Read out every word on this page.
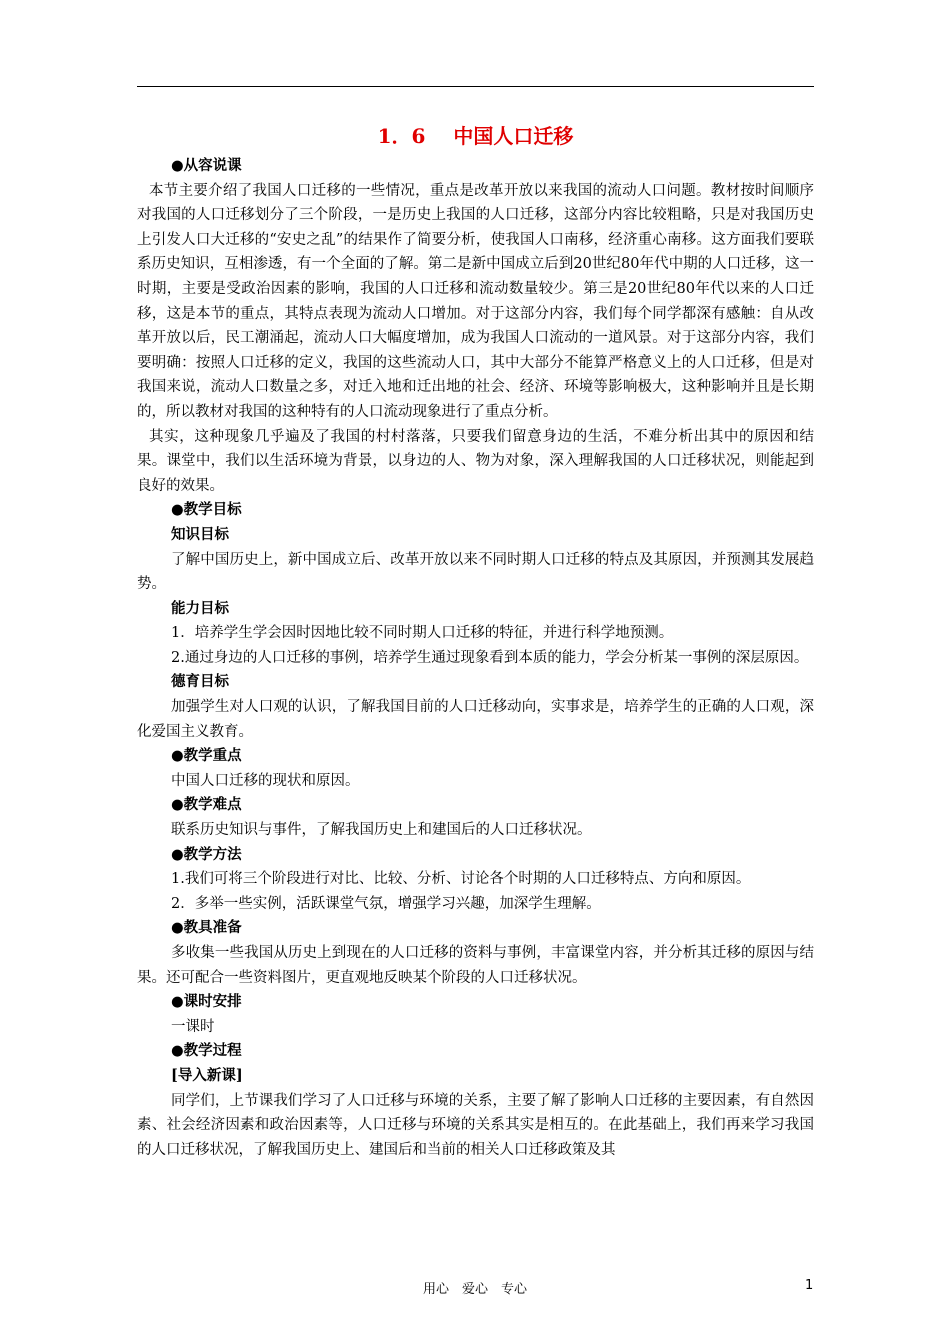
1．6 中国人口迁移

●从容说课

本节主要介绍了我国人口迁移的一些情况，重点是改革开放以来我国的流动人口问题。教材按时间顺序对我国的人口迁移划分了三个阶段，一是历史上我国的人口迁移，这部分内容比较粗略，只是对我国历史上引发人口大迁移的“安史之乱”的结果作了简要分析，使我国人口南移，经济重心南移。这方面我们要联系历史知识，互相渗透，有一个全面的了解。第二是新中国成立后到20世纪80年代中期的人口迁移，这一时期，主要是受政治因素的影响，我国的人口迁移和流动数量较少。第三是20世纪80年代以来的人口迁移，这是本节的重点，其特点表现为流动人口增加。对于这部分内容，我们每个同学都深有感触：自从改革开放以后，民工潮涌起，流动人口大幅度增加，成为我国人口流动的一道风景。对于这部分内容，我们要明确：按照人口迁移的定义，我国的这些流动人口，其中大部分不能算严格意义上的人口迁移，但是对我国来说，流动人口数量之多，对迁入地和迁出地的社会、经济、环境等影响极大，这种影响并且是长期的，所以教材对我国的这种特有的人口流动现象进行了重点分析。

其实，这种现象几乎遍及了我国的村村落落，只要我们留意身边的生活，不难分析出其中的原因和结果。课堂中，我们以生活环境为背景，以身边的人、物为对象，深入理解我国的人口迁移状况，则能起到良好的效果。

●教学目标

知识目标

了解中国历史上，新中国成立后、改革开放以来不同时期人口迁移的特点及其原因，并预测其发展趋势。

能力目标

1．培养学生学会因时因地比较不同时期人口迁移的特征，并进行科学地预测。

2.通过身边的人口迁移的事例，培养学生通过现象看到本质的能力，学会分析某一事例的深层原因。

德育目标

加强学生对人口观的认识，了解我国目前的人口迁移动向，实事求是，培养学生的正确的人口观，深化爱国主义教育。

●教学重点

中国人口迁移的现状和原因。

●教学难点

联系历史知识与事件，了解我国历史上和建国后的人口迁移状况。

●教学方法

1.我们可将三个阶段进行对比、比较、分析、讨论各个时期的人口迁移特点、方向和原因。

2．多举一些实例，活跃课堂气氛，增强学习兴趣，加深学生理解。

●教具准备

多收集一些我国从历史上到现在的人口迁移的资料与事例，丰富课堂内容，并分析其迁移的原因与结果。还可配合一些资料图片，更直观地反映某个阶段的人口迁移状况。

●课时安排

一课时

●教学过程

[导入新课]

同学们，上节课我们学习了人口迁移与环境的关系，主要了解了影响人口迁移的主要因素，有自然因素、社会经济因素和政治因素等，人口迁移与环境的关系其实是相互的。在此基础上，我们再来学习我国的人口迁移状况，了解我国历史上、建国后和当前的相关人口迁移政策及其

用心　爱心　专心	1
